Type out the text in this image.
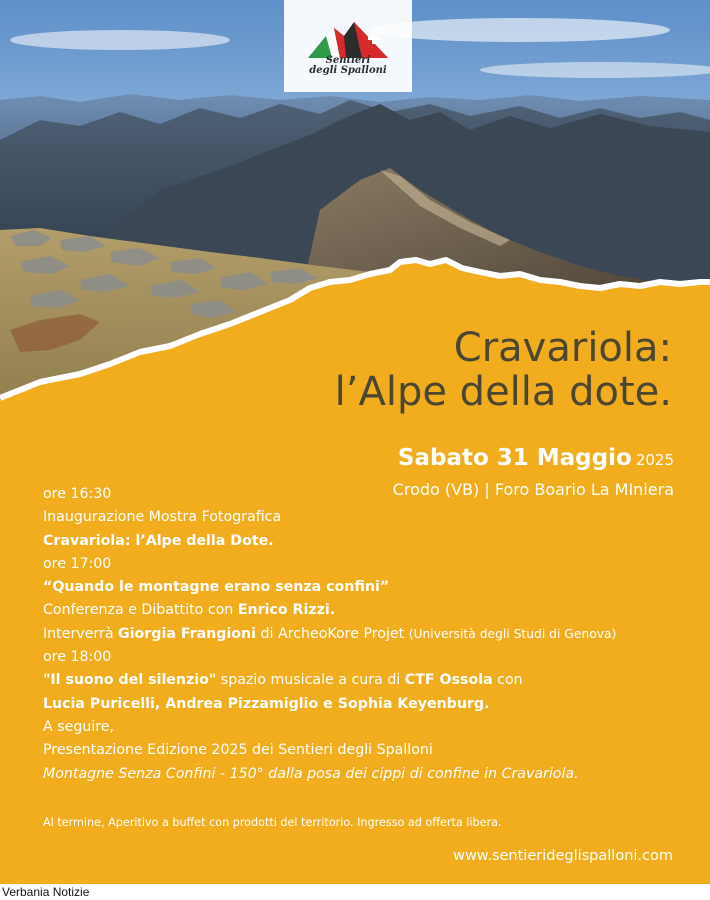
Sentieri
degli Spalloni
Cravariola:
l’Alpe della dote.
Sabato 31 Maggio 2025
Crodo (VB) | Foro Boario La MIniera
ore 16:30
Inaugurazione Mostra Fotografica
Cravariola: l’Alpe della Dote.
ore 17:00
“Quando le montagne erano senza confini”
Conferenza e Dibattito con Enrico Rizzi.
Interverrà Giorgia Frangioni di ArcheoKore Projet (Università degli Studi di Genova)
ore 18:00
"Il suono del silenzio" spazio musicale a cura di CTF Ossola con
Lucia Puricelli, Andrea Pizzamiglio e Sophia Keyenburg.
A seguire,
Presentazione Edizione 2025 dei Sentieri degli Spalloni
Montagne Senza Confini - 150° dalla posa dei cippi di confine in Cravariola.
Al termine, Aperitivo a buffet con prodotti del territorio. Ingresso ad offerta libera.
www.sentierideglispalloni.com
Verbania Notizie
